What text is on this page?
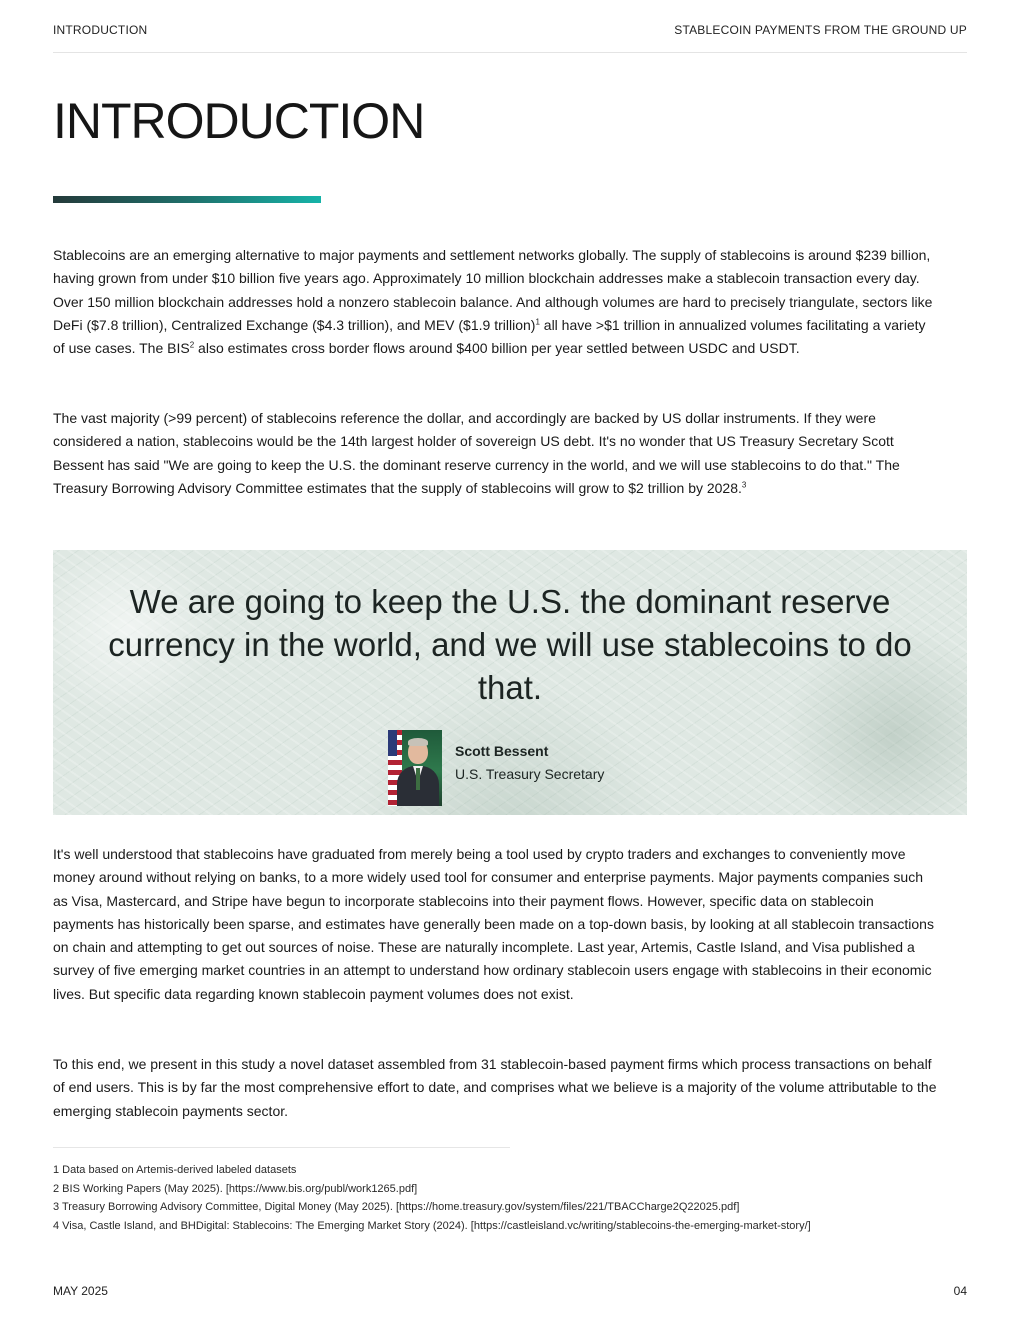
INTRODUCTION	STABLECOIN PAYMENTS FROM THE GROUND UP
INTRODUCTION

Stablecoins are an emerging alternative to major payments and settlement networks globally. The supply of stablecoins is around $239 billion, having grown from under $10 billion five years ago. Approximately 10 million blockchain addresses make a stablecoin transaction every day. Over 150 million blockchain addresses hold a nonzero stablecoin balance. And although volumes are hard to precisely triangulate, sectors like DeFi ($7.8 trillion), Centralized Exchange ($4.3 trillion), and MEV ($1.9 trillion)$^1$ all have >$1 trillion in annualized volumes facilitating a variety of use cases. The BIS$^2$ also estimates cross border flows around $400 billion per year settled between USDC and USDT.

The vast majority (>99 percent) of stablecoins reference the dollar, and accordingly are backed by US dollar instruments. If they were considered a nation, stablecoins would be the 14th largest holder of sovereign US debt. It's no wonder that US Treasury Secretary Scott Bessent has said "We are going to keep the U.S. the dominant reserve currency in the world, and we will use stablecoins to do that." The Treasury Borrowing Advisory Committee estimates that the supply of stablecoins will grow to $2 trillion by 2028.$^3$

We are going to keep the U.S. the dominant reserve currency in the world, and we will use stablecoins to do that.

Scott Bessent
U.S. Treasury Secretary

It's well understood that stablecoins have graduated from merely being a tool used by crypto traders and exchanges to conveniently move money around without relying on banks, to a more widely used tool for consumer and enterprise payments. Major payments companies such as Visa, Mastercard, and Stripe have begun to incorporate stablecoins into their payment flows. However, specific data on stablecoin payments has historically been sparse, and estimates have generally been made on a top-down basis, by looking at all stablecoin transactions on chain and attempting to get out sources of noise. These are naturally incomplete. Last year, Artemis, Castle Island, and Visa published a survey of five emerging market countries in an attempt to understand how ordinary stablecoin users engage with stablecoins in their economic lives. But specific data regarding known stablecoin payment volumes does not exist.

To this end, we present in this study a novel dataset assembled from 31 stablecoin-based payment firms which process transactions on behalf of end users. This is by far the most comprehensive effort to date, and comprises what we believe is a majority of the volume attributable to the emerging stablecoin payments sector.

1 Data based on Artemis-derived labeled datasets
2 BIS Working Papers (May 2025). [https://www.bis.org/publ/work1265.pdf]
3 Treasury Borrowing Advisory Committee, Digital Money (May 2025). [https://home.treasury.gov/system/files/221/TBACCharge2Q22025.pdf]
4 Visa, Castle Island, and BHDigital: Stablecoins: The Emerging Market Story (2024). [https://castleisland.vc/writing/stablecoins-the-emerging-market-story/]
MAY 2025	04
